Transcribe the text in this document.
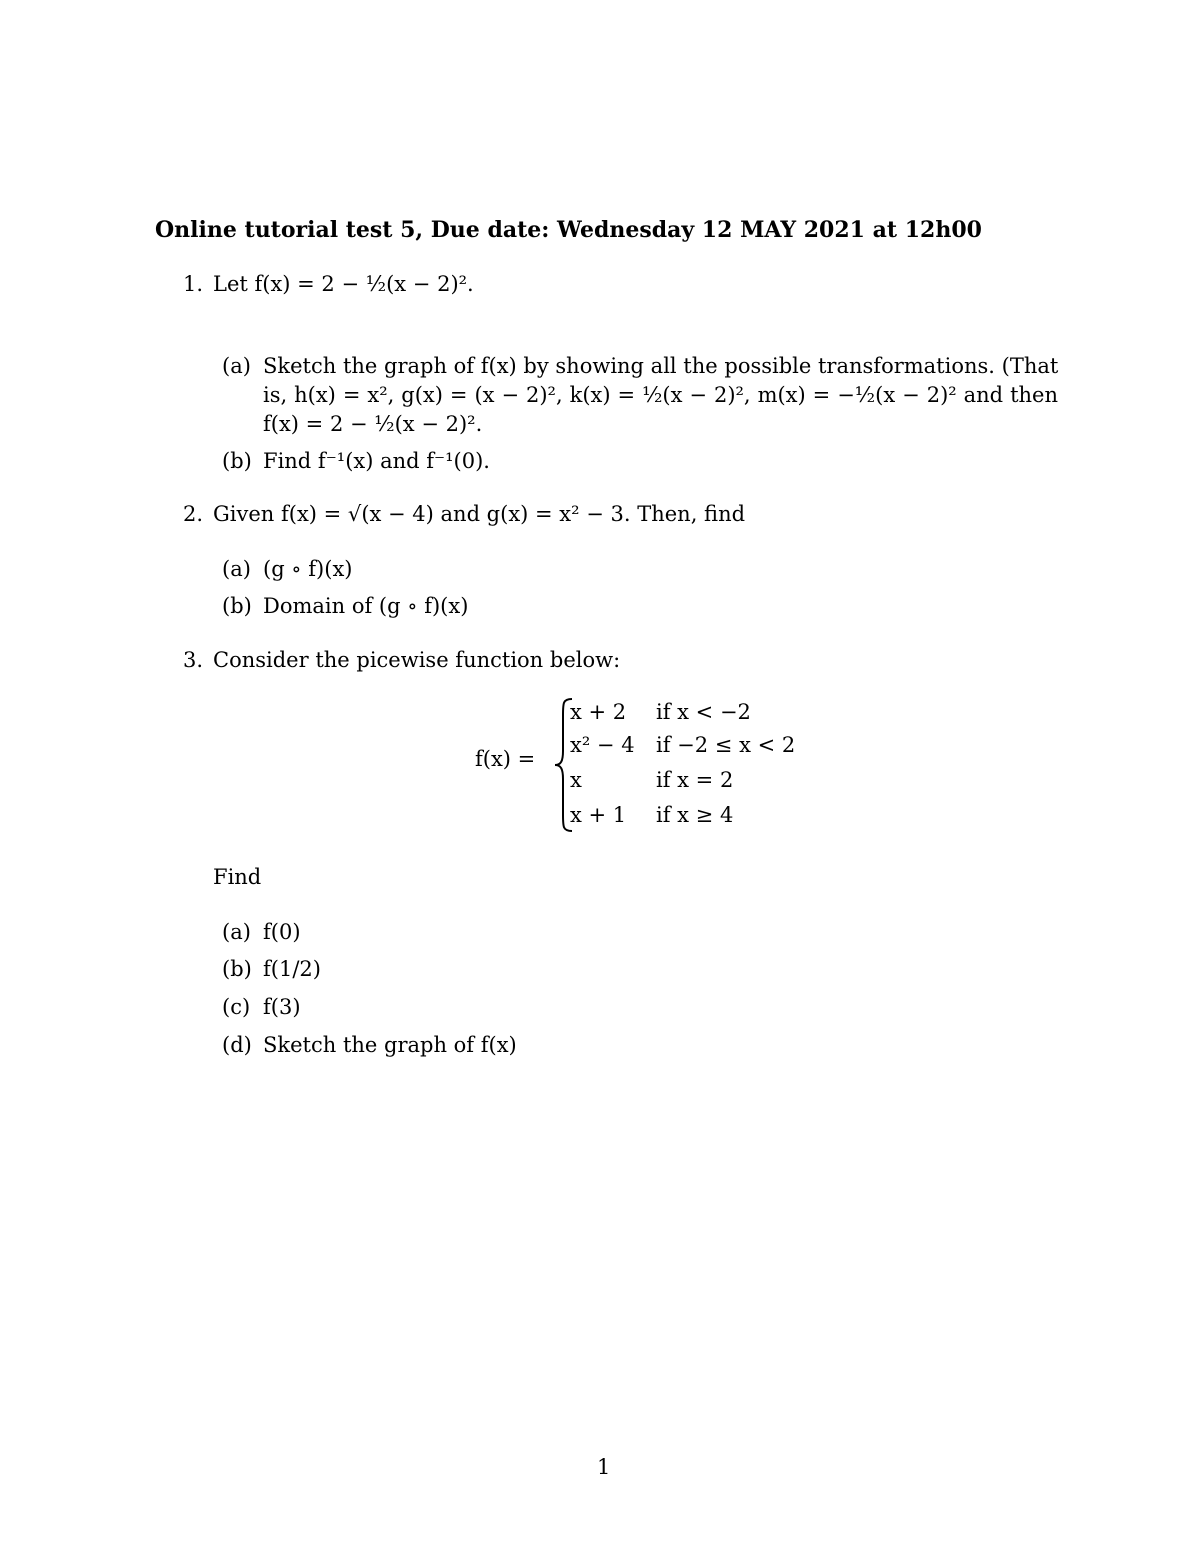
Online tutorial test 5, Due date: Wednesday 12 MAY 2021 at 12h00
1. Let f(x) = 2 − ½(x − 2)².
(a) Sketch the graph of f(x) by showing all the possible transformations. (That
is, h(x) = x², g(x) = (x − 2)², k(x) = ½(x − 2)², m(x) = −½(x − 2)² and then
f(x) = 2 − ½(x − 2)².
(b) Find f⁻¹(x) and f⁻¹(0).
2. Given f(x) = √(x − 4) and g(x) = x² − 3. Then, find
(a) (g ∘ f)(x)
(b) Domain of (g ∘ f)(x)
3. Consider the picewise function below:
f(x) =
x + 2 if x < −2
x² − 4 if −2 ≤ x < 2
x	if x = 2
x + 1 if x ≥ 4
Find
(a) f(0)
(b) f(1/2)
(c) f(3)
(d) Sketch the graph of f(x)
1
